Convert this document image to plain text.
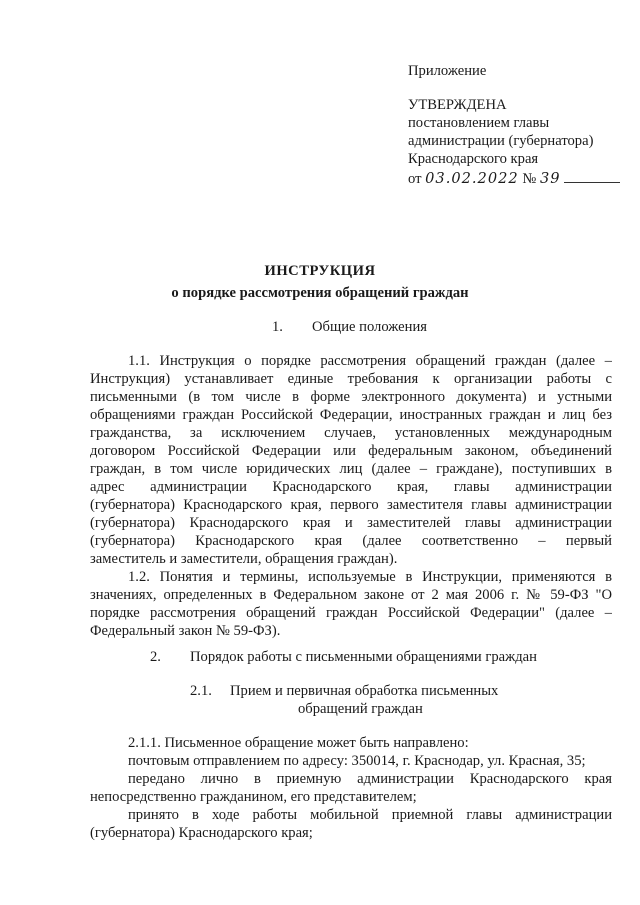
Приложение
УТВЕРЖДЕНА
постановлением главы
администрации (губернатора)
Краснодарского края
от 03.02.2022 № 39
ИНСТРУКЦИЯ
о порядке рассмотрения обращений граждан
1. Общие положения
1.1. Инструкция о порядке рассмотрения обращений граждан (далее –
Инструкция) устанавливает единые требования к организации работы с
письменными (в том числе в форме электронного документа) и устными
обращениями граждан Российской Федерации, иностранных граждан и лиц без
гражданства, за исключением случаев, установленных международным
договором Российской Федерации или федеральным законом, объединений
граждан, в том числе юридических лиц (далее – граждане), поступивших в
адрес администрации Краснодарского края, главы администрации
(губернатора) Краснодарского края, первого заместителя главы администрации
(губернатора) Краснодарского края и заместителей главы администрации
(губернатора) Краснодарского края (далее соответственно – первый
заместитель и заместители, обращения граждан).
1.2. Понятия и термины, используемые в Инструкции, применяются в
значениях, определенных в Федеральном законе от 2 мая 2006 г. № 59-ФЗ "О
порядке рассмотрения обращений граждан Российской Федерации" (далее –
Федеральный закон № 59-ФЗ).
2. Порядок работы с письменными обращениями граждан
2.1. Прием и первичная обработка письменных
обращений граждан
2.1.1. Письменное обращение может быть направлено:
почтовым отправлением по адресу: 350014, г. Краснодар, ул. Красная, 35;
передано лично в приемную администрации Краснодарского края
непосредственно гражданином, его представителем;
принято в ходе работы мобильной приемной главы администрации
(губернатора) Краснодарского края;
